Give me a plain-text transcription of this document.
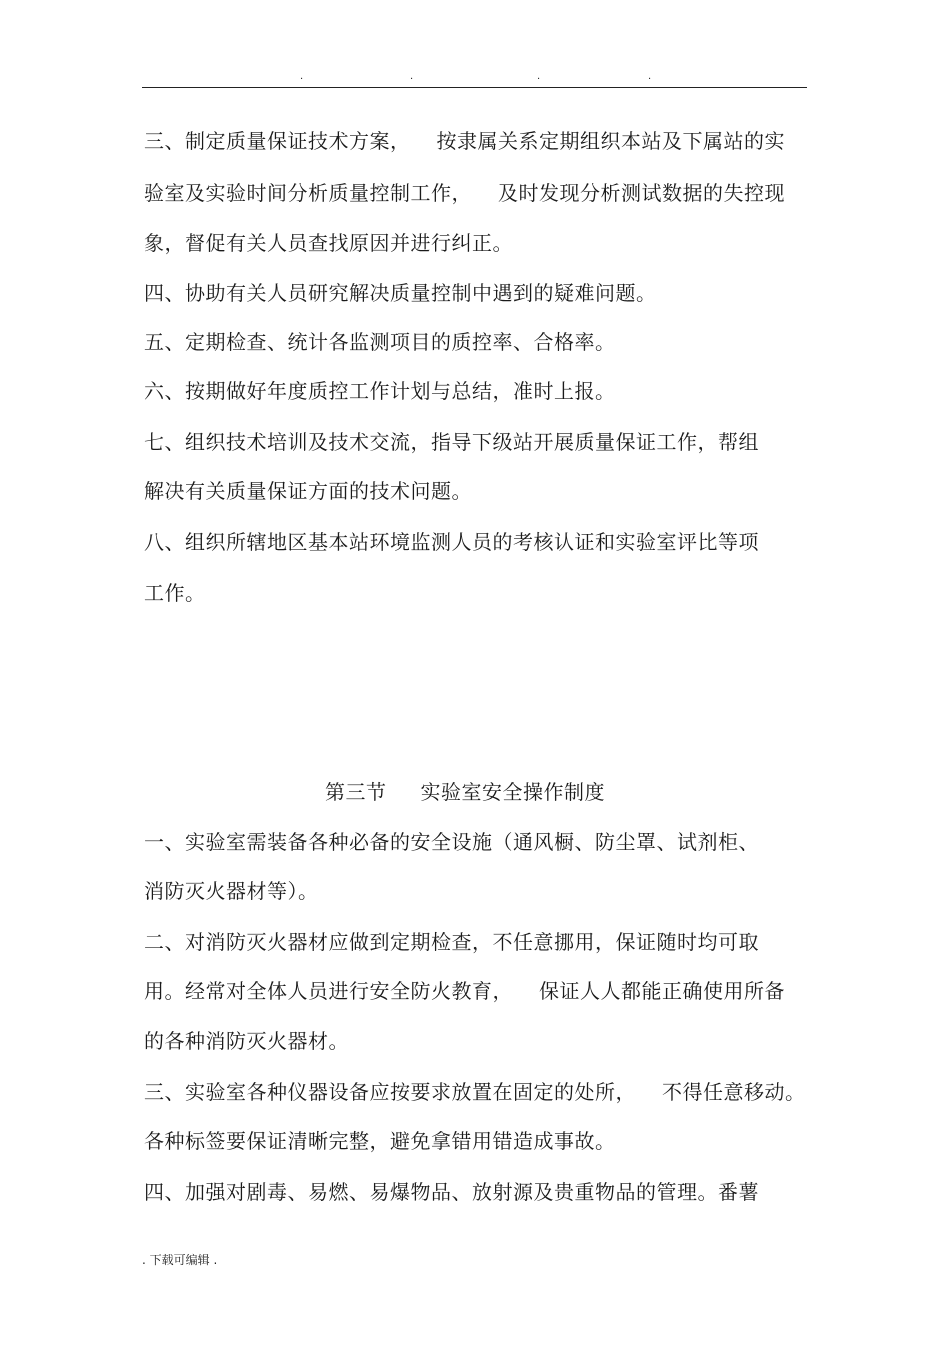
.	.	.	.
三、制定质量保证技术方案， 按隶属关系定期组织本站及下属站的实
验室及实验时间分析质量控制工作， 及时发现分析测试数据的失控现
象，督促有关人员查找原因并进行纠正。
四、协助有关人员研究解决质量控制中遇到的疑难问题。
五、定期检查、统计各监测项目的质控率、合格率。
六、按期做好年度质控工作计划与总结，准时上报。
七、组织技术培训及技术交流，指导下级站开展质量保证工作，帮组
解决有关质量保证方面的技术问题。
八、组织所辖地区基本站环境监测人员的考核认证和实验室评比等项
工作。
第三节 实验室安全操作制度
一、实验室需装备各种必备的安全设施（通风橱、防尘罩、试剂柜、
消防灭火器材等）。
二、对消防灭火器材应做到定期检查，不任意挪用，保证随时均可取
用。经常对全体人员进行安全防火教育， 保证人人都能正确使用所备
的各种消防灭火器材。
三、实验室各种仪器设备应按要求放置在固定的处所， 不得任意移动。
各种标签要保证清晰完整，避免拿错用错造成事故。
四、加强对剧毒、易燃、易爆物品、放射源及贵重物品的管理。番薯
. 下载可编辑 .
